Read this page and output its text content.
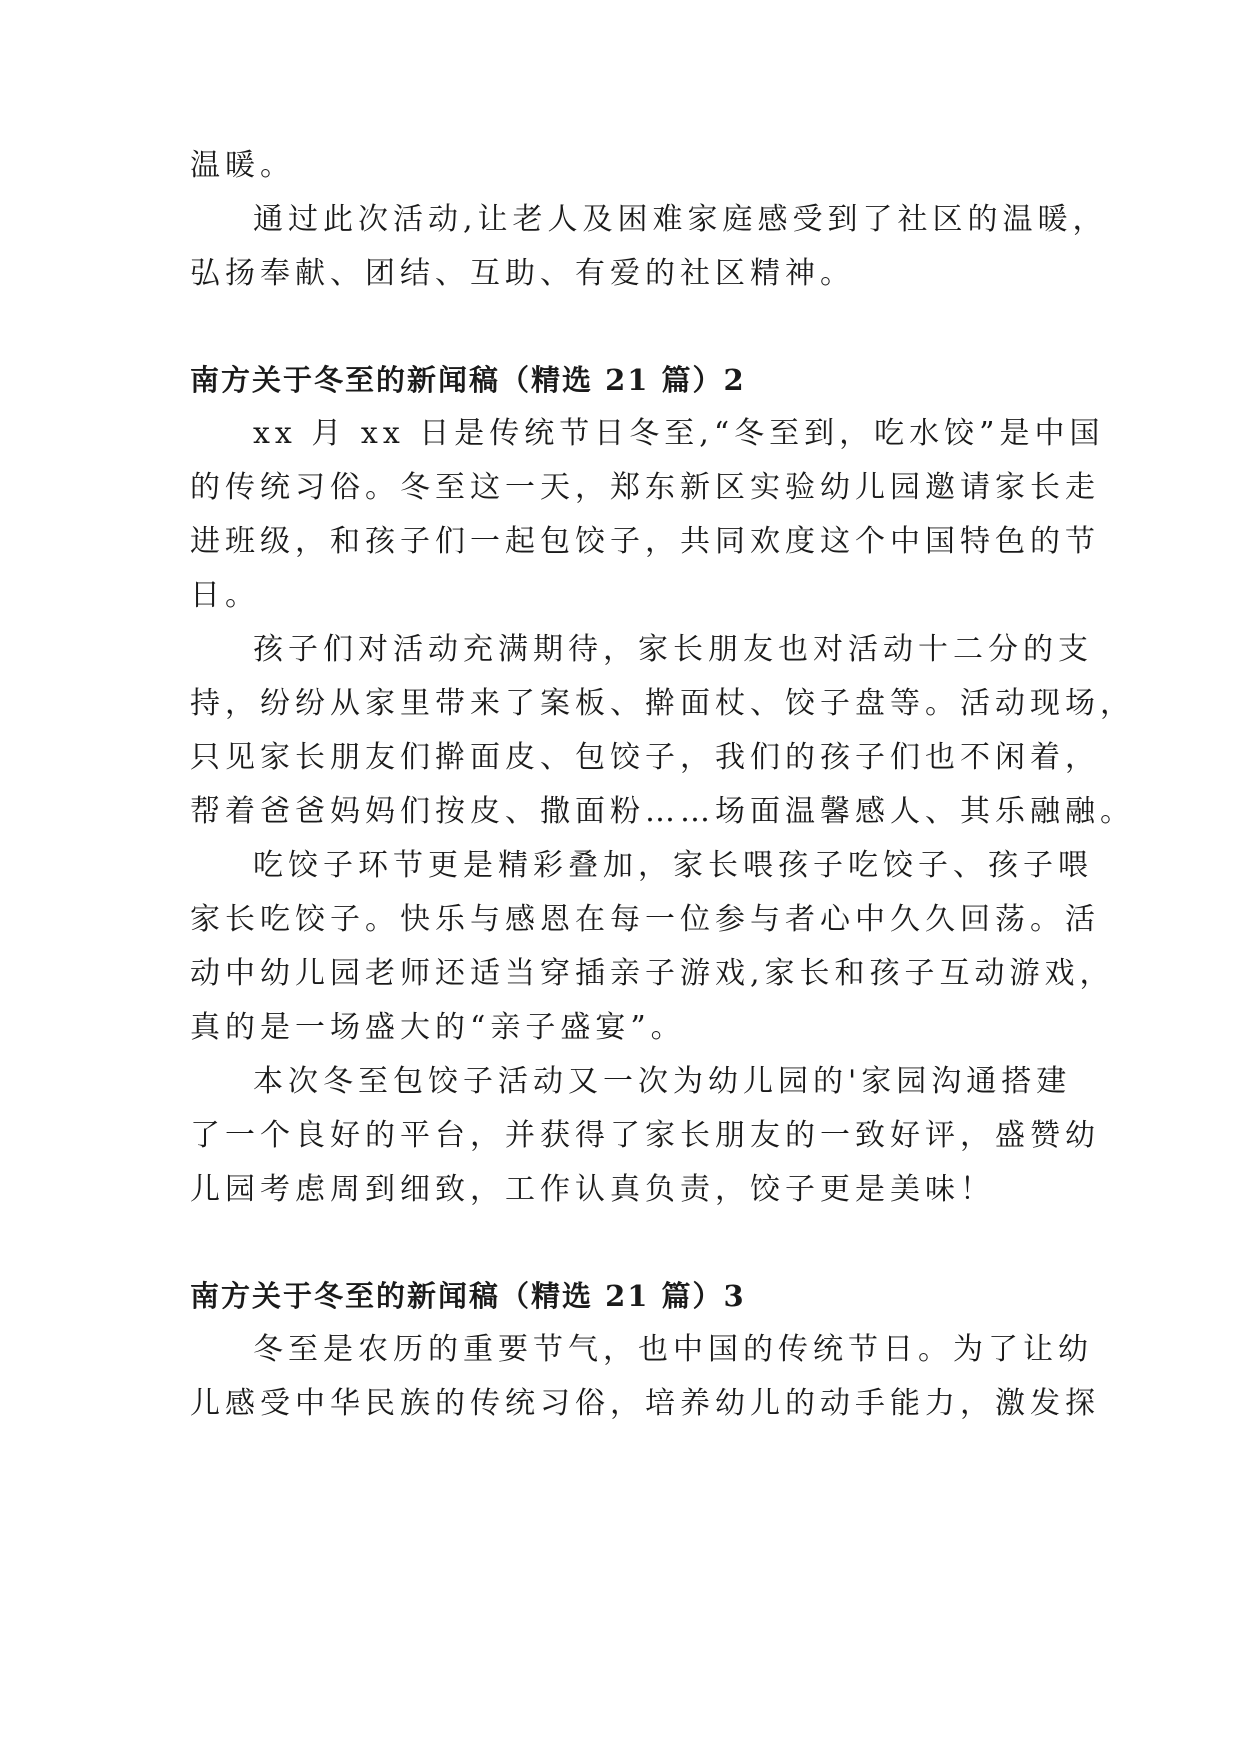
温暖。

通过此次活动,让老人及困难家庭感受到了社区的温暖，

弘扬奉献、团结、互助、有爱的社区精神。

南方关于冬至的新闻稿（精选 21 篇）2

xx 月 xx 日是传统节日冬至,“冬至到，吃水饺”是中国

的传统习俗。冬至这一天，郑东新区实验幼儿园邀请家长走

进班级，和孩子们一起包饺子，共同欢度这个中国特色的节

日。

孩子们对活动充满期待，家长朋友也对活动十二分的支

持，纷纷从家里带来了案板、擀面杖、饺子盘等。活动现场，

只见家长朋友们擀面皮、包饺子，我们的孩子们也不闲着，

帮着爸爸妈妈们按皮、撒面粉……场面温馨感人、其乐融融。

吃饺子环节更是精彩叠加，家长喂孩子吃饺子、孩子喂

家长吃饺子。快乐与感恩在每一位参与者心中久久回荡。活

动中幼儿园老师还适当穿插亲子游戏,家长和孩子互动游戏，

真的是一场盛大的“亲子盛宴”。

本次冬至包饺子活动又一次为幼儿园的'家园沟通搭建

了一个良好的平台，并获得了家长朋友的一致好评，盛赞幼

儿园考虑周到细致，工作认真负责，饺子更是美味！

南方关于冬至的新闻稿（精选 21 篇）3

冬至是农历的重要节气，也中国的传统节日。为了让幼

儿感受中华民族的传统习俗，培养幼儿的动手能力，激发探
